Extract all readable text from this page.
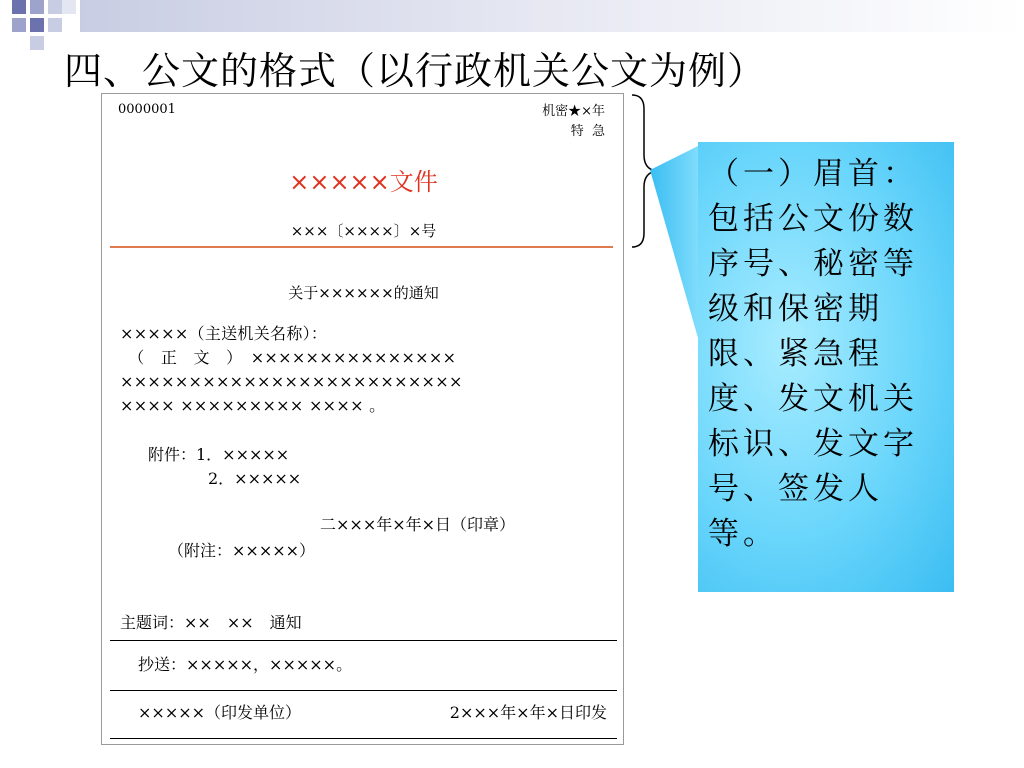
四、公文的格式（以行政机关公文为例）
0000001	机密★×年
特  急
×××××文件
×××〔××××〕×号
关于××××××的通知
×××××（主送机关名称）：
　（　正　文　）　×××××××××××××××
×××××××××××××××××××××××××
×××× ××××××××× ×××× 。
附件：1．×××××
2．×××××
二×××年×年×日（印章）
（附注：×××××）
主题词：××　××　通知
抄送：×××××，×××××。
×××××（印发单位）	2×××年×年×日印发
（一）眉首：包括公文份数序号、秘密等级和保密期限、紧急程度、发文机关标识、发文字号、签发人等。
